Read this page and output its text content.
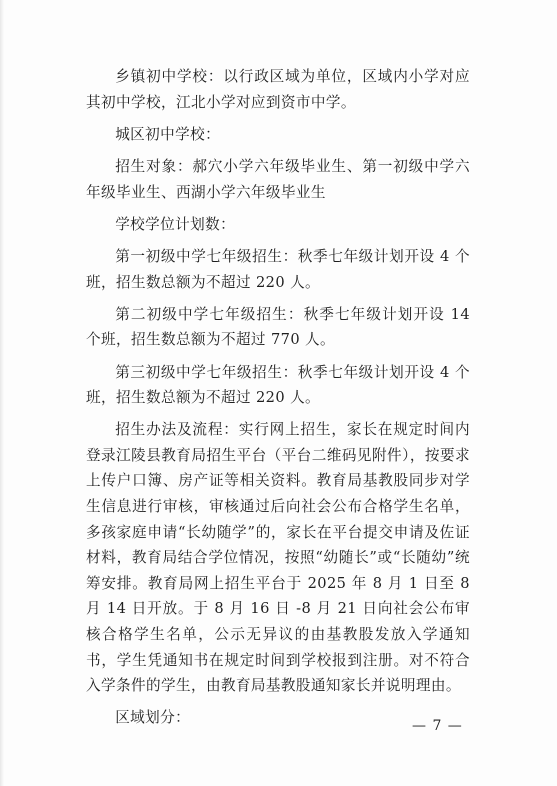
乡镇初中学校：以行政区域为单位，区域内小学对应其初中学校，江北小学对应到资市中学。

城区初中学校：

招生对象：郝穴小学六年级毕业生、第一初级中学六年级毕业生、西湖小学六年级毕业生

学校学位计划数：

第一初级中学七年级招生：秋季七年级计划开设 4 个班，招生数总额为不超过 220 人。

第二初级中学七年级招生：秋季七年级计划开设 14 个班，招生数总额为不超过 770 人。

第三初级中学七年级招生：秋季七年级计划开设 4 个班，招生数总额为不超过 220 人。

招生办法及流程：实行网上招生，家长在规定时间内登录江陵县教育局招生平台（平台二维码见附件），按要求上传户口簿、房产证等相关资料。教育局基教股同步对学生信息进行审核，审核通过后向社会公布合格学生名单，多孩家庭申请“长幼随学”的，家长在平台提交申请及佐证材料，教育局结合学位情况，按照“幼随长”或“长随幼”统筹安排。教育局网上招生平台于 2025 年 8 月 1 日至 8 月 14 日开放。于 8 月 16 日 -8 月 21 日向社会公布审核合格学生名单，公示无异议的由基教股发放入学通知书，学生凭通知书在规定时间到学校报到注册。对不符合入学条件的学生，由教育局基教股通知家长并说明理由。

区域划分：	— 7 —
